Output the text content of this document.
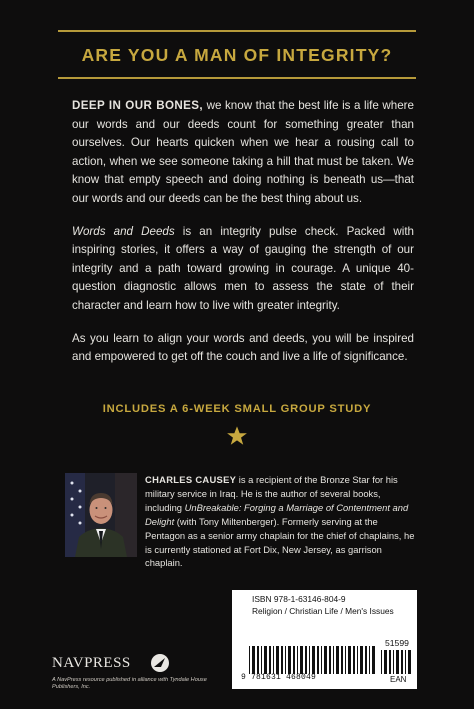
ARE YOU A MAN OF INTEGRITY?

DEEP IN OUR BONES, we know that the best life is a life where our words and our deeds count for something greater than ourselves. Our hearts quicken when we hear a rousing call to action, when we see someone taking a hill that must be taken. We know that empty speech and doing nothing is beneath us—that our words and our deeds can be the best thing about us.

Words and Deeds is an integrity pulse check. Packed with inspiring stories, it offers a way of gauging the strength of our integrity and a path toward growing in courage. A unique 40-question diagnostic allows men to assess the state of their character and learn how to live with greater integrity.

As you learn to align your words and deeds, you will be inspired and empowered to get off the couch and live a life of significance.

INCLUDES A 6-WEEK SMALL GROUP STUDY
CHARLES CAUSEY is a recipient of the Bronze Star for his military service in Iraq. He is the author of several books, including UnBreakable: Forging a Marriage of Contentment and Delight (with Tony Miltenberger). Formerly serving at the Pentagon as a senior army chaplain for the chief of chaplains, he is currently stationed at Fort Dix, New Jersey, as garrison chaplain.
ISBN 978-1-63146-804-9
Religion / Christian Life / Men's Issues
51599
9 781631 468049	EAN
NAVPRESS
A NavPress resource published in alliance with Tyndale House Publishers, Inc.
